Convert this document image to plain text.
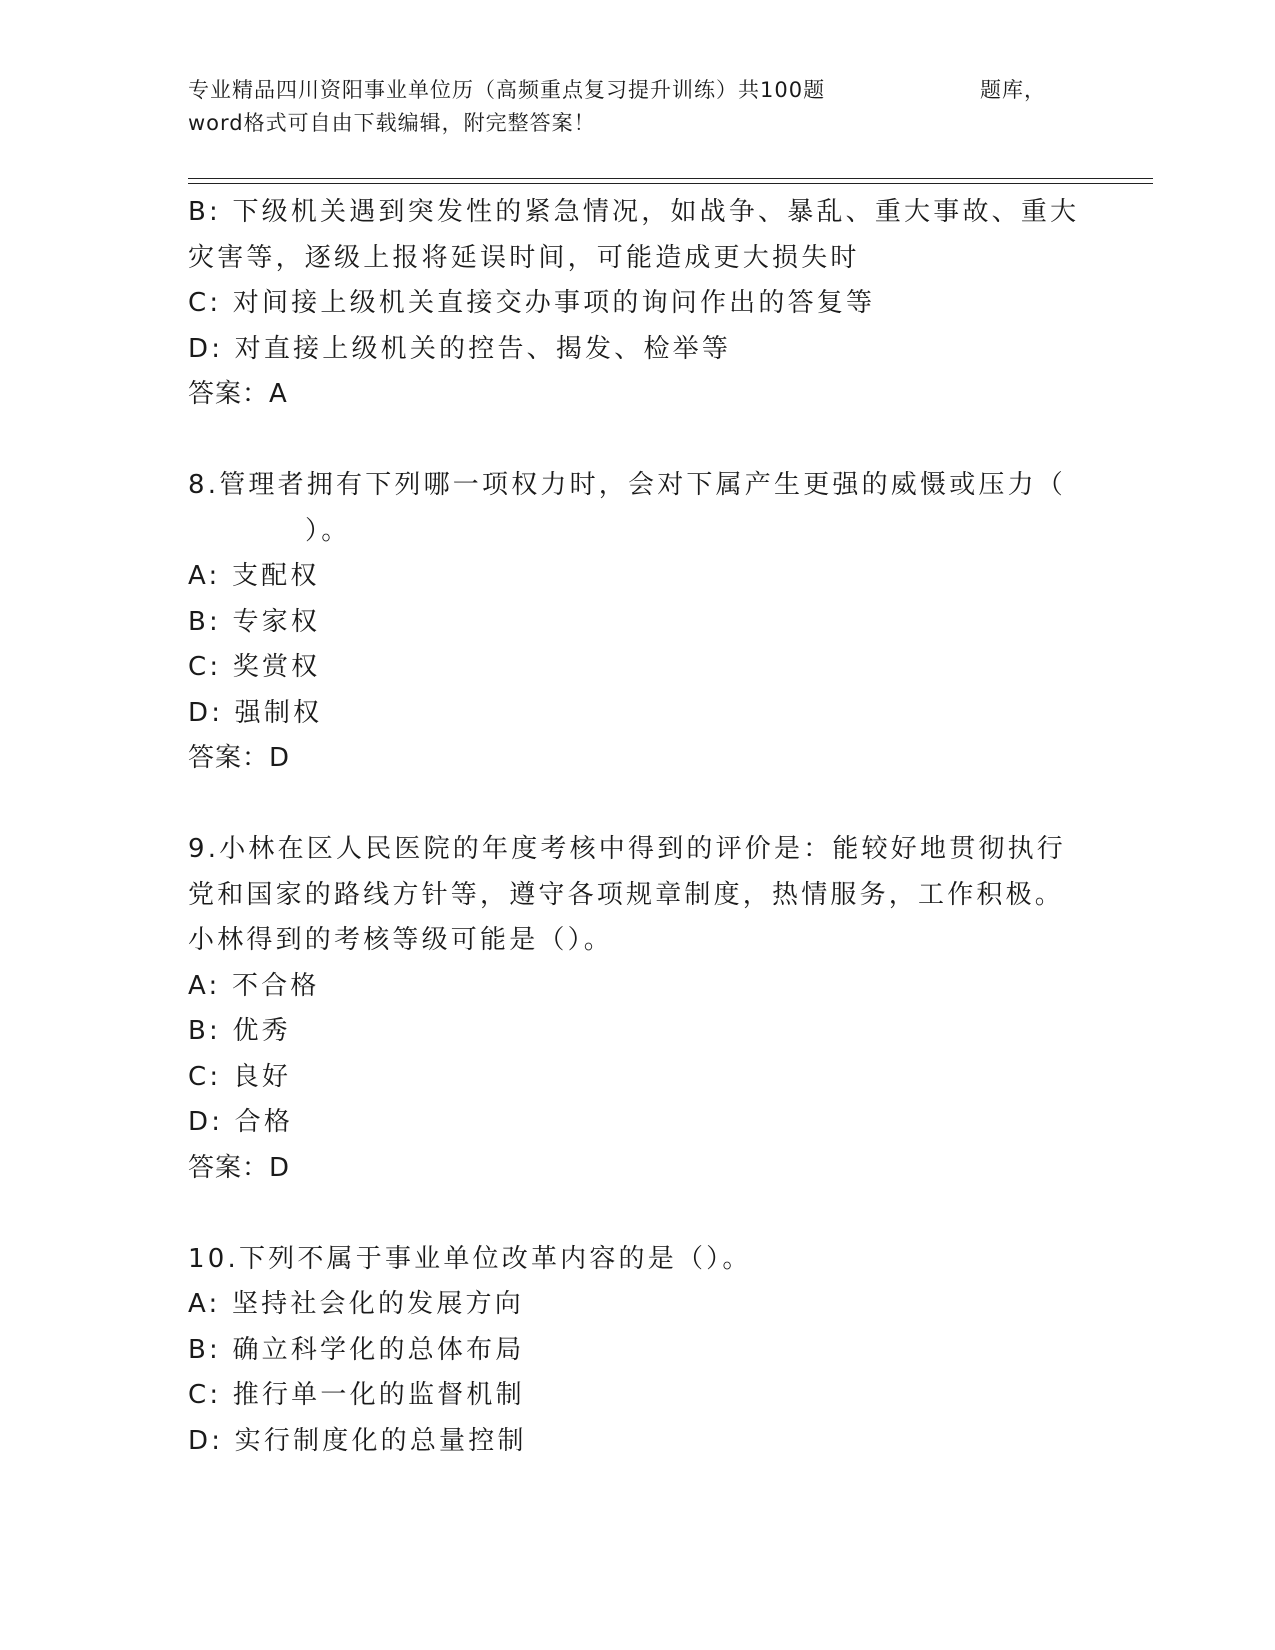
专业精品四川资阳事业单位历（高频重点复习提升训练）共100题	题库，
word格式可自由下载编辑，附完整答案！

B: 下级机关遇到突发性的紧急情况，如战争、暴乱、重大事故、重大

灾害等，逐级上报将延误时间，可能造成更大损失时

C: 对间接上级机关直接交办事项的询问作出的答复等

D: 对直接上级机关的控告、揭发、检举等

答案：A

8.管理者拥有下列哪一项权力时，会对下属产生更强的威慑或压力（

）。

A: 支配权

B: 专家权

C: 奖赏权

D: 强制权

答案：D

9.小林在区人民医院的年度考核中得到的评价是：能较好地贯彻执行

党和国家的路线方针等，遵守各项规章制度，热情服务，工作积极。

小林得到的考核等级可能是（）。

A: 不合格

B: 优秀

C: 良好

D: 合格

答案：D

10.下列不属于事业单位改革内容的是（）。

A: 坚持社会化的发展方向

B: 确立科学化的总体布局

C: 推行单一化的监督机制

D: 实行制度化的总量控制
